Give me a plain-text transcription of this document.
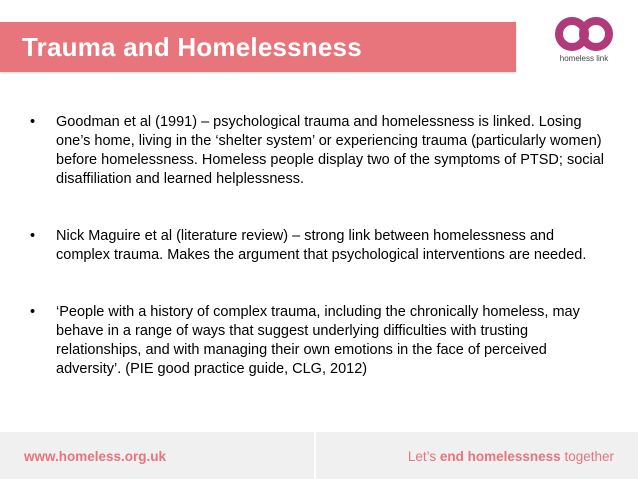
Trauma and Homelessness	homeless link
• Goodman et al (1991) – psychological trauma and homelessness is linked. Losing one’s home, living in the ‘shelter system’ or experiencing trauma (particularly women) before homelessness. Homeless people display two of the symptoms of PTSD; social disaffiliation and learned helplessness.
• Nick Maguire et al (literature review) – strong link between homelessness and complex trauma. Makes the argument that psychological interventions are needed.
• ‘People with a history of complex trauma, including the chronically homeless, may behave in a range of ways that suggest underlying difficulties with trusting relationships, and with managing their own emotions in the face of perceived adversity’. (PIE good practice guide, CLG, 2012)
www.homeless.org.uk	Let’s end homelessness together
